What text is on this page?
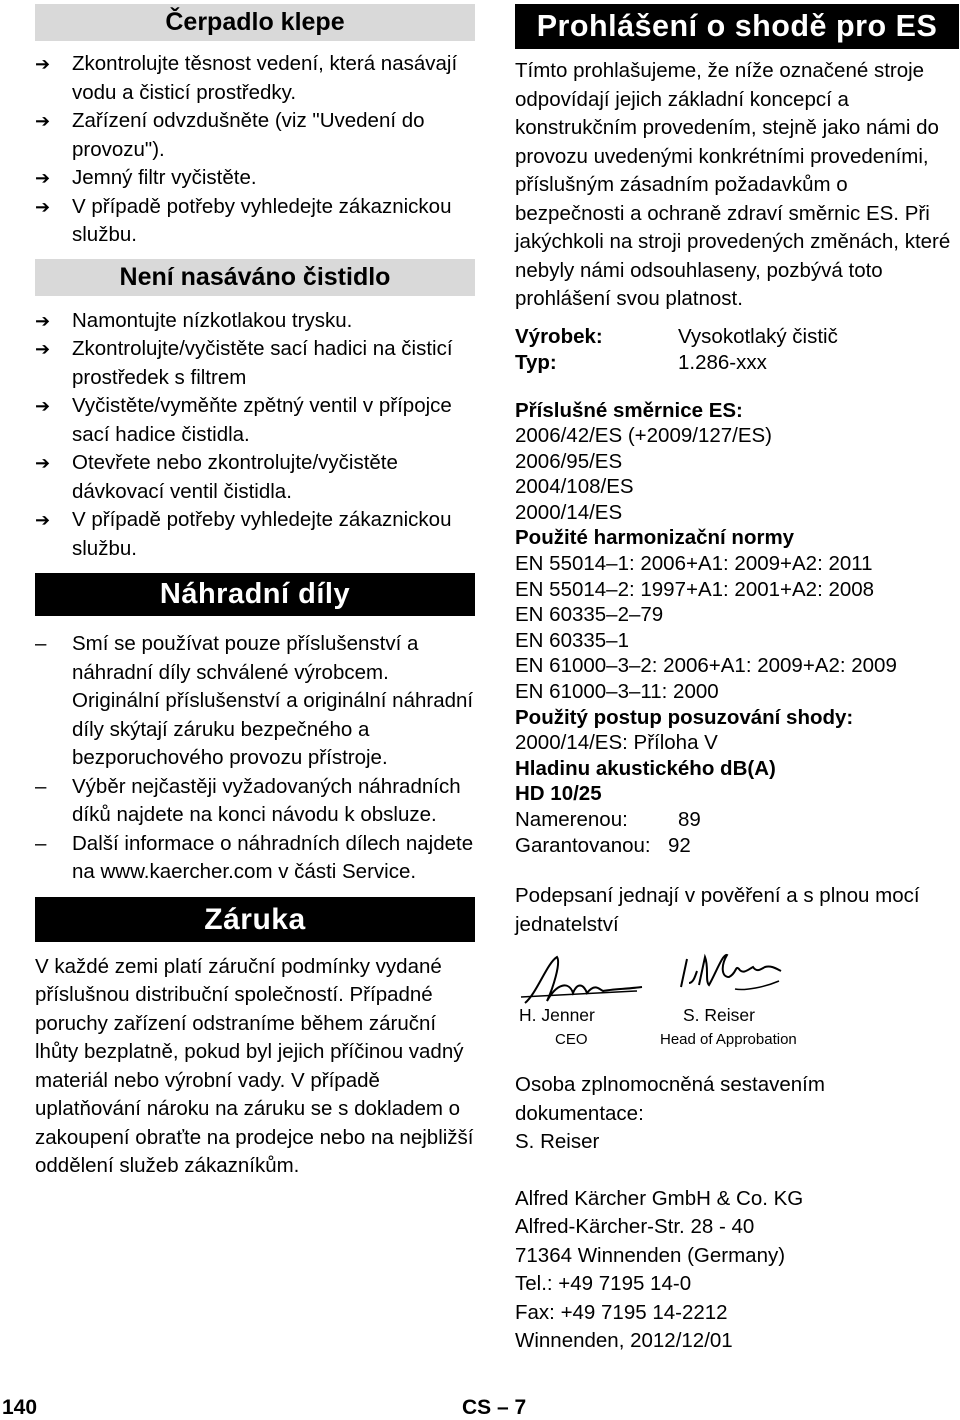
Čerpadlo klepe
➔ Zkontrolujte těsnost vedení, která nasávají vodu a čisticí prostředky.
➔ Zařízení odvzdušněte (viz "Uvedení do provozu").
➔ Jemný filtr vyčistěte.
➔ V případě potřeby vyhledejte zákaznickou službu.
Není nasáváno čistidlo
➔ Namontujte nízkotlakou trysku.
➔ Zkontrolujte/vyčistěte sací hadici na čisticí prostředek s filtrem
➔ Vyčistěte/vyměňte zpětný ventil v přípojce sací hadice čistidla.
➔ Otevřete nebo zkontrolujte/vyčistěte dávkovací ventil čistidla.
➔ V případě potřeby vyhledejte zákaznickou službu.
Náhradní díly
– Smí se používat pouze příslušenství a náhradní díly schválené výrobcem. Originální příslušenství a originální náhradní díly skýtají záruku bezpečného a bezporuchového provozu přístroje.
– Výběr nejčastěji vyžadovaných náhradních díků najdete na konci návodu k obsluze.
– Další informace o náhradních dílech najdete na www.kaercher.com v části Service.
Záruka

V každé zemi platí záruční podmínky vydané příslušnou distribuční společností. Případné poruchy zařízení odstraníme během záruční lhůty bezplatně, pokud byl jejich příčinou vadný materiál nebo výrobní vady. V případě uplatňování nároku na záruku se s dokladem o zakoupení obraťte na prodejce nebo na nejbližší oddělení služeb zákazníkům.

Prohlášení o shodě pro ES

Tímto prohlašujeme, že níže označené stroje odpovídají jejich základní koncepcí a konstrukčním provedením, stejně jako námi do provozu uvedenými konkrétními provedeními, příslušným zásadním požadavkům o bezpečnosti a ochraně zdraví směrnic ES. Při jakýchkoli na stroji provedených změnách, které nebyly námi odsouhlaseny, pozbývá toto prohlášení svou platnost.

Výrobek:	Vysokotlaký čistič
Typ:	1.286-xxx

Příslušné směrnice ES:

2006/42/ES (+2009/127/ES)

2006/95/ES

2004/108/ES

2000/14/ES

Použité harmonizační normy

EN 55014–1: 2006+A1: 2009+A2: 2011

EN 55014–2: 1997+A1: 2001+A2: 2008

EN 60335–2–79

EN 60335–1

EN 61000–3–2: 2006+A1: 2009+A2: 2009

EN 61000–3–11: 2000

Použitý postup posuzování shody:

2000/14/ES: Příloha V

Hladinu akustického dB(A)

HD 10/25

Namerenou:	89
Garantovanou: 92

Podepsaní jednají v pověření a s plnou mocí jednatelství

H. Jenner
CEO
S. Reiser
Head of Approbation

Osoba zplnomocněná sestavením dokumentace:

S. Reiser

Alfred Kärcher GmbH & Co. KG

Alfred-Kärcher-Str. 28 - 40

71364 Winnenden (Germany)

Tel.: +49 7195 14-0

Fax: +49 7195 14-2212

Winnenden, 2012/12/01

140	CS – 7
